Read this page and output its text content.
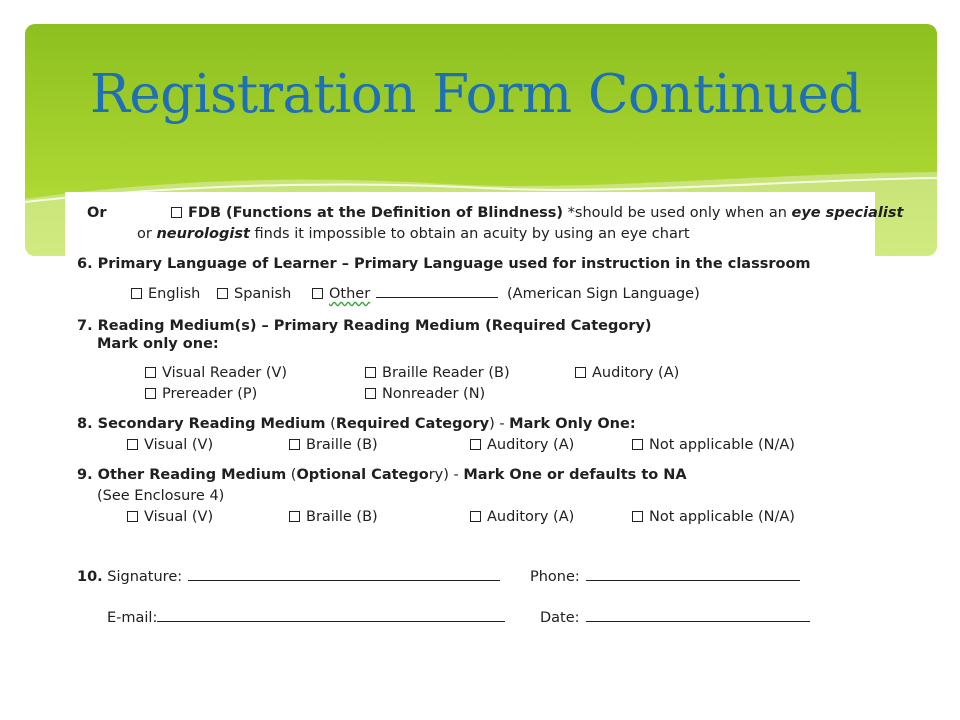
Registration Form Continued
Or	FDB (Functions at the Definition of Blindness) *should be used only when an eye specialist
or neurologist finds it impossible to obtain an acuity by using an eye chart
6. Primary Language of Learner – Primary Language used for instruction in the classroom
English	Spanish	Other	(American Sign Language)
7. Reading Medium(s) – Primary Reading Medium (Required Category)
Mark only one:
Visual Reader (V)	Braille Reader (B)	Auditory (A)
Prereader (P)	Nonreader (N)
8. Secondary Reading Medium (Required Category) - Mark Only One:
Visual (V)	Braille (B)	Auditory (A)	Not applicable (N/A)
9. Other Reading Medium (Optional Category) - Mark One or defaults to NA
(See Enclosure 4)
Visual (V)	Braille (B)	Auditory (A)	Not applicable (N/A)
10. Signature:	Phone:
E-mail:	Date:
